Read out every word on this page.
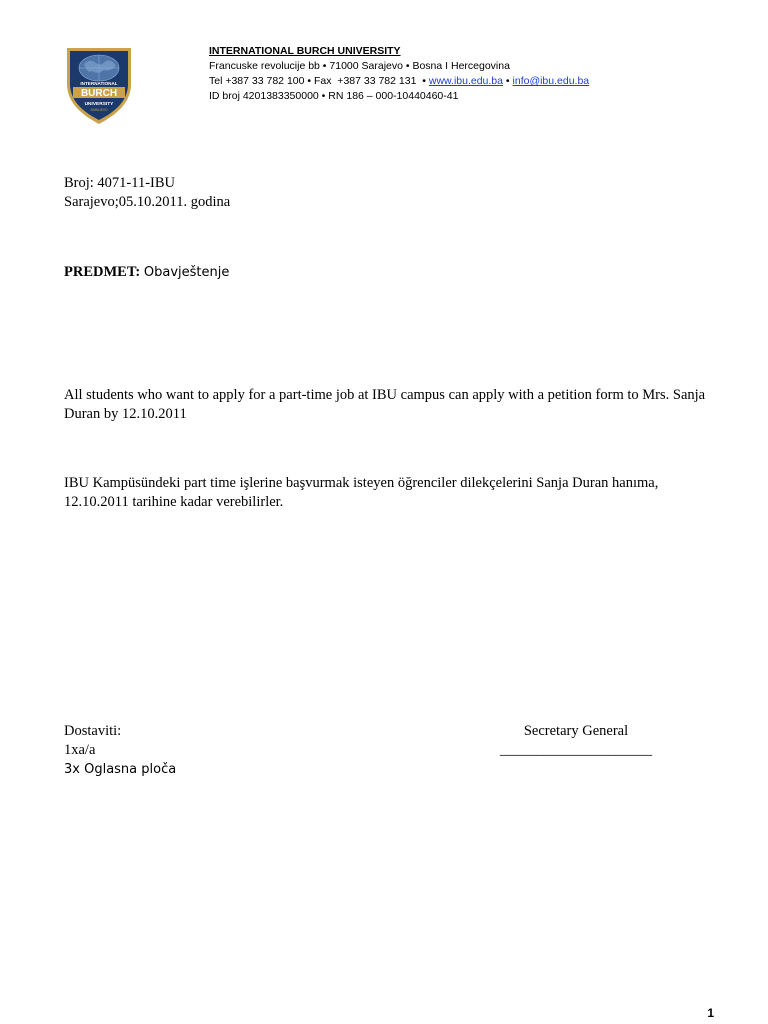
INTERNATIONAL
BURCH
UNIVERSITY
SARAJEVO
INTERNATIONAL BURCH UNIVERSITY
Francuske revolucije bb • 71000 Sarajevo • Bosna I Hercegovina
Tel +387 33 782 100 • Fax  +387 33 782 131  • www.ibu.edu.ba • info@ibu.edu.ba
ID broj 4201383350000 • RN 186 – 000-10440460-41
Broj: 4071-11-IBU
Sarajevo;05.10.2011. godina
PREDMET: Obavještenje
All students who want to apply for a part-time job at IBU campus can apply with a petition form to Mrs. Sanja Duran by 12.10.2011
IBU Kampüsündeki part time işlerine başvurmak isteyen öğrenciler dilekçelerini Sanja Duran hanıma, 12.10.2011 tarihine kadar verebilirler.
Dostaviti:
1xa/a
3x Oglasna ploča
Secretary General
_____________________
1
